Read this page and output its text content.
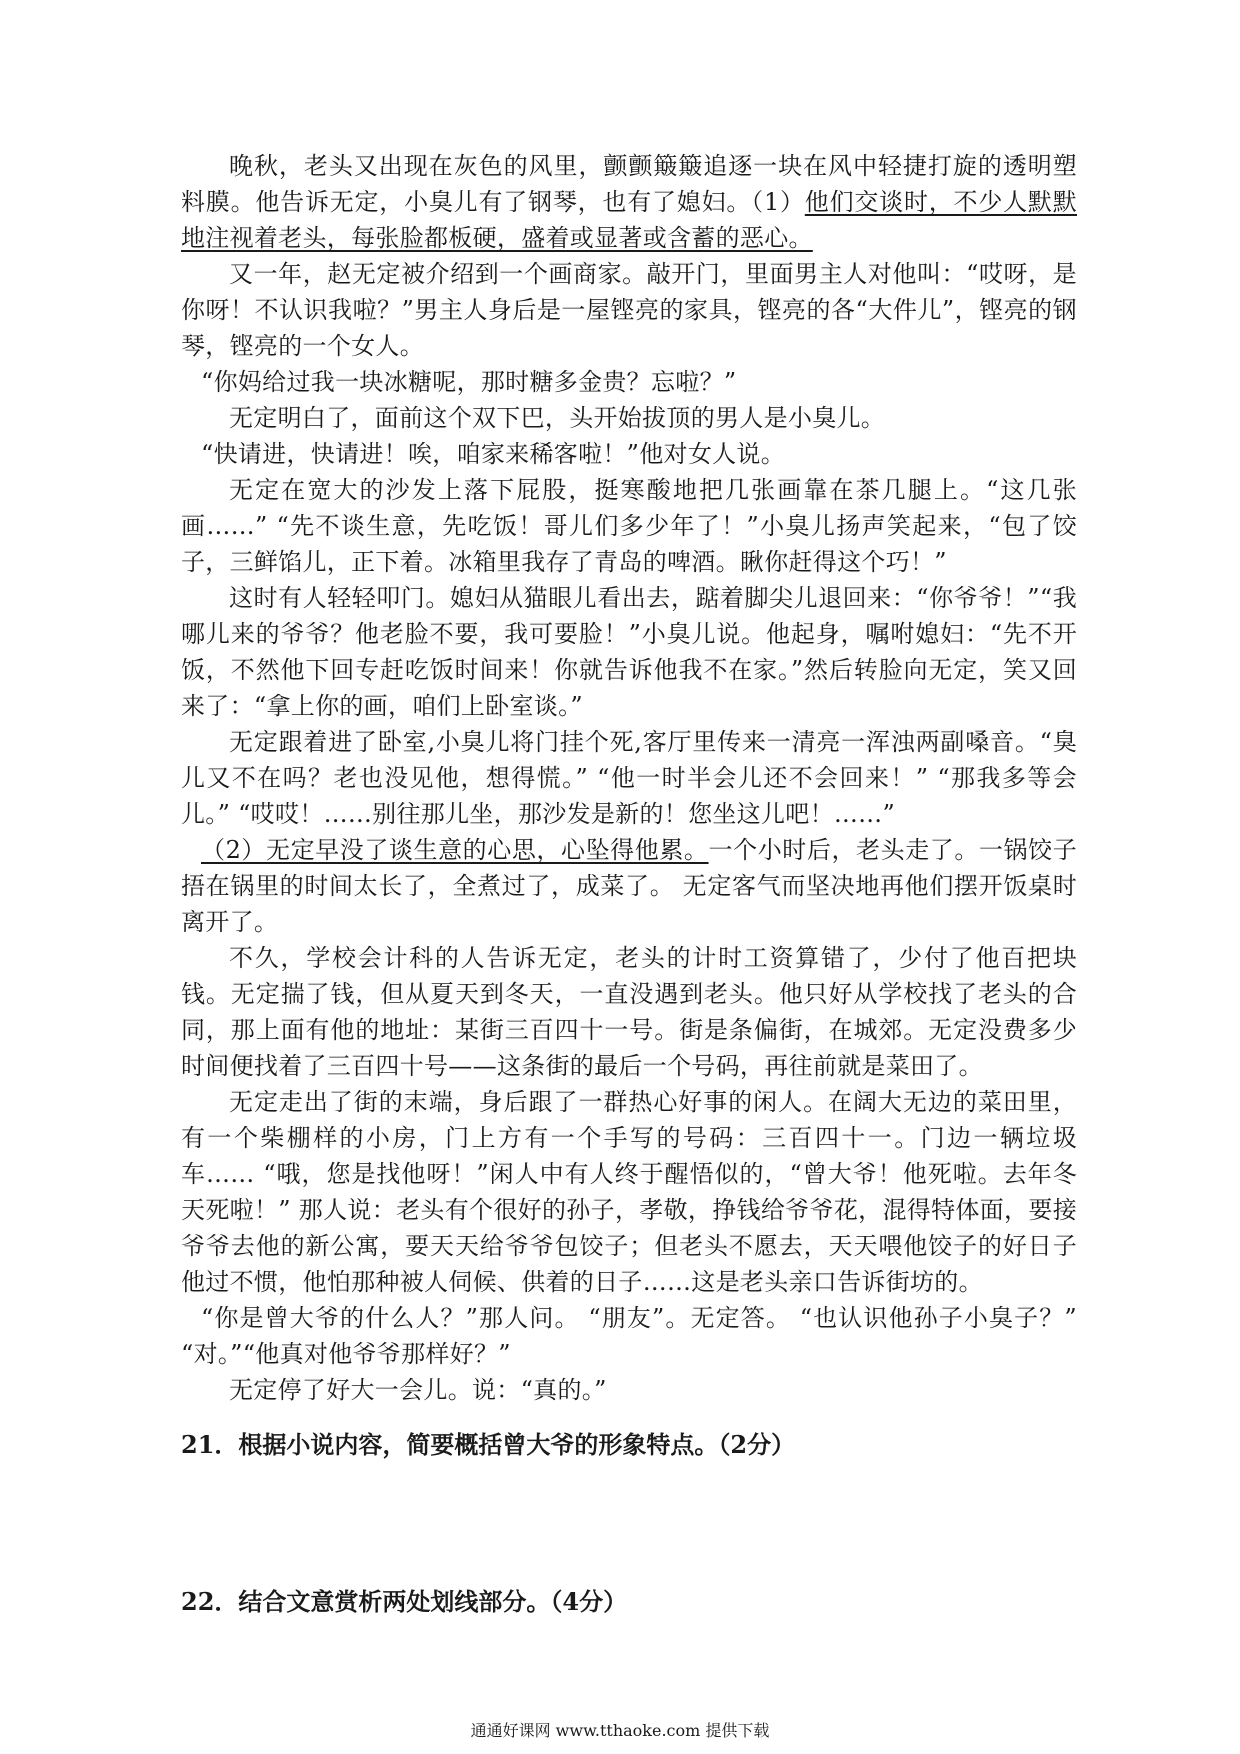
晚秋，老头又出现在灰色的风里，颤颤簸簸追逐一块在风中轻捷打旋的透明塑料膜。他告诉无定，小臭儿有了钢琴，也有了媳妇。（1）他们交谈时，不少人默默地注视着老头，每张脸都板硬，盛着或显著或含蓄的恶心。

又一年，赵无定被介绍到一个画商家。敲开门，里面男主人对他叫：“哎呀，是你呀！不认识我啦？”男主人身后是一屋铿亮的家具，铿亮的各“大件儿”，铿亮的钢琴，铿亮的一个女人。

“你妈给过我一块冰糖呢，那时糖多金贵？忘啦？”

无定明白了，面前这个双下巴，头开始拔顶的男人是小臭儿。

“快请进，快请进！唉，咱家来稀客啦！”他对女人说。

无定在宽大的沙发上落下屁股，挺寒酸地把几张画靠在茶几腿上。“这几张画……” “先不谈生意，先吃饭！哥儿们多少年了！”小臭儿扬声笑起来，“包了饺子，三鲜馅儿，正下着。冰箱里我存了青岛的啤酒。瞅你赶得这个巧！”

这时有人轻轻叩门。媳妇从猫眼儿看出去，踮着脚尖儿退回来：“你爷爷！”“我哪儿来的爷爷？他老脸不要，我可要脸！”小臭儿说。他起身，嘱咐媳妇：“先不开饭，不然他下回专赶吃饭时间来！你就告诉他我不在家。”然后转脸向无定，笑又回来了：“拿上你的画，咱们上卧室谈。”

无定跟着进了卧室,小臭儿将门挂个死,客厅里传来一清亮一浑浊两副嗓音。“臭儿又不在吗？老也没见他，想得慌。” “他一时半会儿还不会回来！” “那我多等会儿。” “哎哎！……别往那儿坐，那沙发是新的！您坐这儿吧！……”

（2）无定早没了谈生意的心思，心坠得他累。一个小时后，老头走了。一锅饺子捂在锅里的时间太长了，全煮过了，成菜了。 无定客气而坚决地再他们摆开饭桌时离开了。

不久，学校会计科的人告诉无定，老头的计时工资算错了，少付了他百把块钱。无定揣了钱，但从夏天到冬天，一直没遇到老头。他只好从学校找了老头的合同，那上面有他的地址：某街三百四十一号。街是条偏街，在城郊。无定没费多少时间便找着了三百四十号——这条街的最后一个号码，再往前就是菜田了。

无定走出了街的末端，身后跟了一群热心好事的闲人。在阔大无边的菜田里，有一个柴棚样的小房，门上方有一个手写的号码：三百四十一。门边一辆垃圾车…… “哦，您是找他呀！”闲人中有人终于醒悟似的，“曾大爷！他死啦。去年冬天死啦！” 那人说：老头有个很好的孙子，孝敬，挣钱给爷爷花，混得特体面，要接爷爷去他的新公寓，要天天给爷爷包饺子；但老头不愿去，天天喂他饺子的好日子他过不惯，他怕那种被人伺候、供着的日子……这是老头亲口告诉街坊的。

“你是曾大爷的什么人？”那人问。 “朋友”。无定答。 “也认识他孙子小臭子？” “对。”“他真对他爷爷那样好？”

无定停了好大一会儿。说：“真的。”

21．根据小说内容，简要概括曾大爷的形象特点。（2分）

22．结合文意赏析两处划线部分。（4分）

通通好课网 www.tthaoke.com 提供下载
